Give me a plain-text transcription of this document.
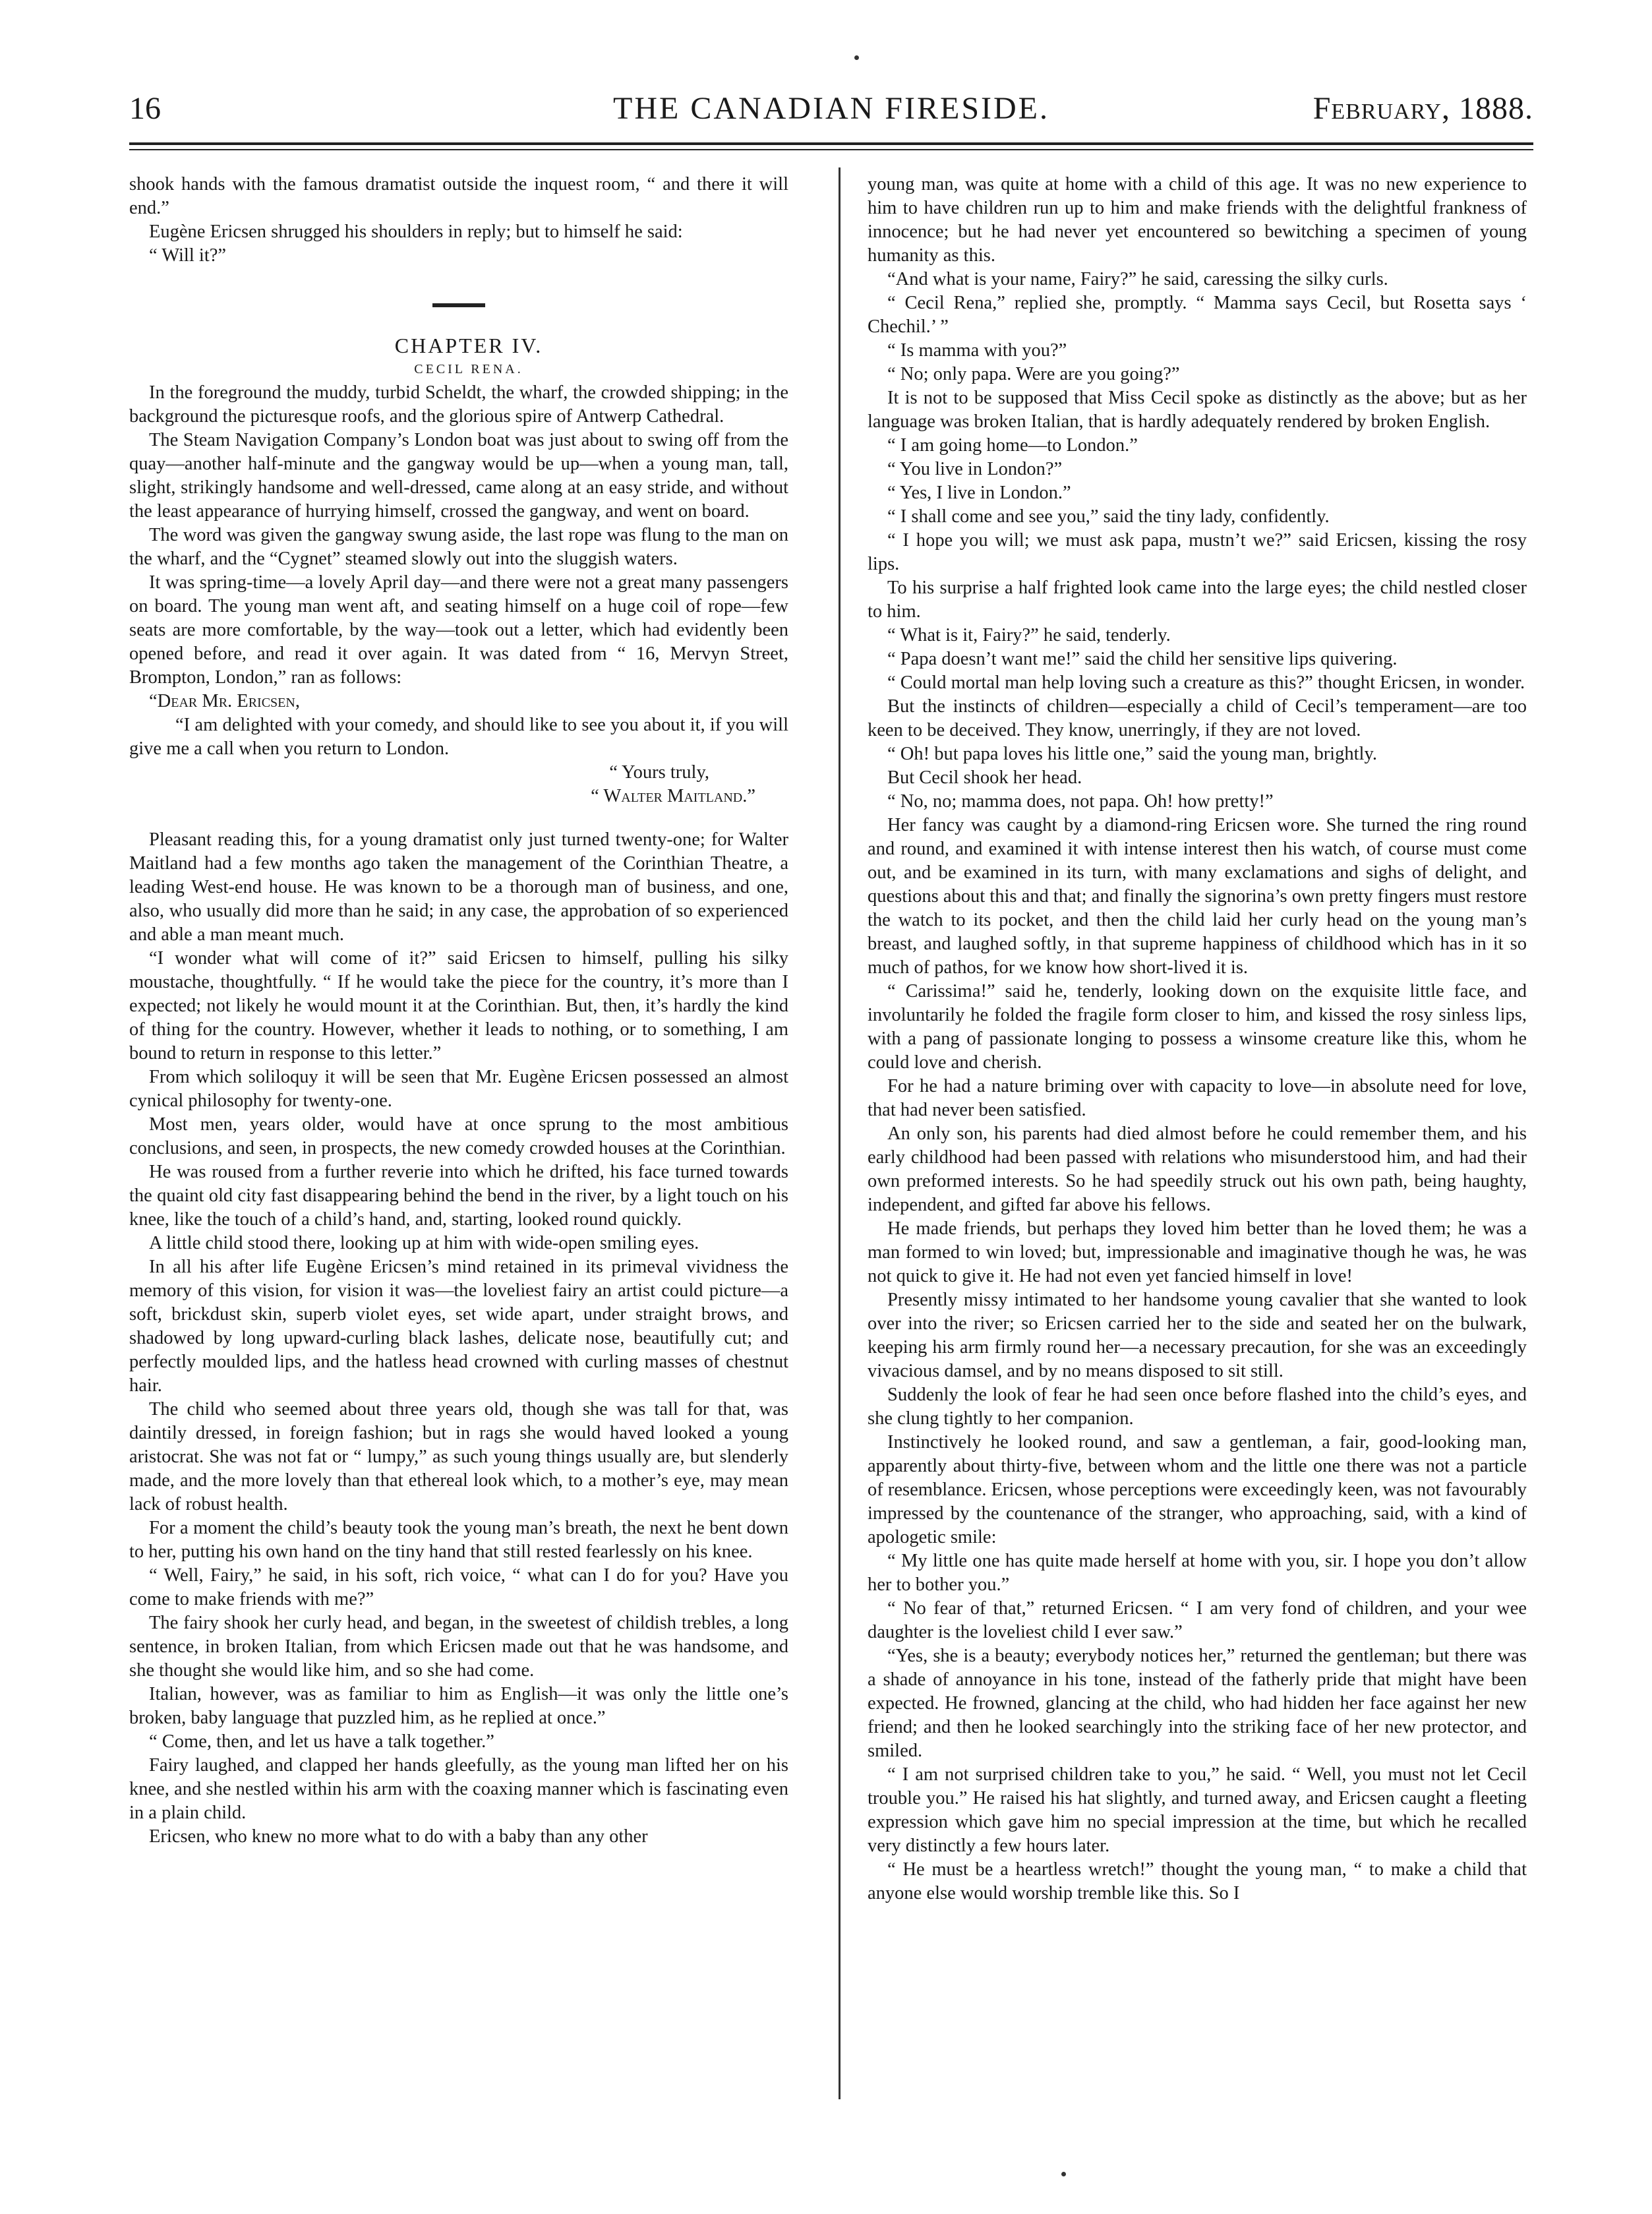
16	THE CANADIAN FIRESIDE.	February, 1888.

shook hands with the famous dramatist outside the inquest room, “ and there it will end.”

Eugène Ericsen shrugged his shoulders in reply; but to himself he said:

“ Will it?”

CHAPTER IV.

CECIL RENA.

In the foreground the muddy, turbid Scheldt, the wharf, the crowded shipping; in the background the picturesque roofs, and the glorious spire of Antwerp Cathedral.

The Steam Navigation Company’s London boat was just about to swing off from the quay—another half-minute and the gangway would be up—when a young man, tall, slight, strikingly handsome and well-dressed, came along at an easy stride, and without the least appearance of hurrying himself, crossed the gangway, and went on board.

The word was given the gangway swung aside, the last rope was flung to the man on the wharf, and the “Cygnet” steamed slowly out into the sluggish waters.

It was spring-time—a lovely April day—and there were not a great many passengers on board. The young man went aft, and seating himself on a huge coil of rope—few seats are more comfortable, by the way—took out a letter, which had evidently been opened before, and read it over again. It was dated from “ 16, Mervyn Street, Brompton, London,” ran as follows:

“Dear Mr. Ericsen,

“I am delighted with your comedy, and should like to see you about it, if you will give me a call when you return to London.

“ Yours truly,

“ Walter Maitland.”

Pleasant reading this, for a young dramatist only just turned twenty-one; for Walter Maitland had a few months ago taken the management of the Corinthian Theatre, a leading West-end house. He was known to be a thorough man of business, and one, also, who usually did more than he said; in any case, the approbation of so experienced and able a man meant much.

“I wonder what will come of it?” said Ericsen to himself, pulling his silky moustache, thoughtfully. “ If he would take the piece for the country, it’s more than I expected; not likely he would mount it at the Corinthian. But, then, it’s hardly the kind of thing for the country. However, whether it leads to nothing, or to something, I am bound to return in response to this letter.”

From which soliloquy it will be seen that Mr. Eugène Ericsen possessed an almost cynical philosophy for twenty-one.

Most men, years older, would have at once sprung to the most ambitious conclusions, and seen, in prospects, the new comedy crowded houses at the Corinthian.

He was roused from a further reverie into which he drifted, his face turned towards the quaint old city fast disappearing behind the bend in the river, by a light touch on his knee, like the touch of a child’s hand, and, starting, looked round quickly.

A little child stood there, looking up at him with wide-open smiling eyes.

In all his after life Eugène Ericsen’s mind retained in its primeval vividness the memory of this vision, for vision it was—the loveliest fairy an artist could picture—a soft, brickdust skin, superb violet eyes, set wide apart, under straight brows, and shadowed by long upward-curling black lashes, delicate nose, beautifully cut; and perfectly moulded lips, and the hatless head crowned with curling masses of chestnut hair.

The child who seemed about three years old, though she was tall for that, was daintily dressed, in foreign fashion; but in rags she would haved looked a young aristocrat. She was not fat or “ lumpy,” as such young things usually are, but slenderly made, and the more lovely than that ethereal look which, to a mother’s eye, may mean lack of robust health.

For a moment the child’s beauty took the young man’s breath, the next he bent down to her, putting his own hand on the tiny hand that still rested fearlessly on his knee.

“ Well, Fairy,” he said, in his soft, rich voice, “ what can I do for you? Have you come to make friends with me?”

The fairy shook her curly head, and began, in the sweetest of childish trebles, a long sentence, in broken Italian, from which Ericsen made out that he was handsome, and she thought she would like him, and so she had come.

Italian, however, was as familiar to him as English—it was only the little one’s broken, baby language that puzzled him, as he replied at once.”

“ Come, then, and let us have a talk together.”

Fairy laughed, and clapped her hands gleefully, as the young man lifted her on his knee, and she nestled within his arm with the coaxing manner which is fascinating even in a plain child.

Ericsen, who knew no more what to do with a baby than any other

young man, was quite at home with a child of this age. It was no new experience to him to have children run up to him and make friends with the delightful frankness of innocence; but he had never yet encountered so bewitching a specimen of young humanity as this.

“And what is your name, Fairy?” he said, caressing the silky curls.

“ Cecil Rena,” replied she, promptly. “ Mamma says Cecil, but Rosetta says ‘ Chechil.’ ”

“ Is mamma with you?”

“ No; only papa. Were are you going?”

It is not to be supposed that Miss Cecil spoke as distinctly as the above; but as her language was broken Italian, that is hardly adequately rendered by broken English.

“ I am going home—to London.”

“ You live in London?”

“ Yes, I live in London.”

“ I shall come and see you,” said the tiny lady, confidently.

“ I hope you will; we must ask papa, mustn’t we?” said Ericsen, kissing the rosy lips.

To his surprise a half frighted look came into the large eyes; the child nestled closer to him.

“ What is it, Fairy?” he said, tenderly.

“ Papa doesn’t want me!” said the child her sensitive lips quivering.

“ Could mortal man help loving such a creature as this?” thought Ericsen, in wonder.

But the instincts of children—especially a child of Cecil’s temperament—are too keen to be deceived. They know, unerringly, if they are not loved.

“ Oh! but papa loves his little one,” said the young man, brightly.

But Cecil shook her head.

“ No, no; mamma does, not papa. Oh! how pretty!”

Her fancy was caught by a diamond-ring Ericsen wore. She turned the ring round and round, and examined it with intense interest then his watch, of course must come out, and be examined in its turn, with many exclamations and sighs of delight, and questions about this and that; and finally the signorina’s own pretty fingers must restore the watch to its pocket, and then the child laid her curly head on the young man’s breast, and laughed softly, in that supreme happiness of childhood which has in it so much of pathos, for we know how short-lived it is.

“ Carissima!” said he, tenderly, looking down on the exquisite little face, and involuntarily he folded the fragile form closer to him, and kissed the rosy sinless lips, with a pang of passionate longing to possess a winsome creature like this, whom he could love and cherish.

For he had a nature briming over with capacity to love—in absolute need for love, that had never been satisfied.

An only son, his parents had died almost before he could remember them, and his early childhood had been passed with relations who misunderstood him, and had their own preformed interests. So he had speedily struck out his own path, being haughty, independent, and gifted far above his fellows.

He made friends, but perhaps they loved him better than he loved them; he was a man formed to win loved; but, impressionable and imaginative though he was, he was not quick to give it. He had not even yet fancied himself in love!

Presently missy intimated to her handsome young cavalier that she wanted to look over into the river; so Ericsen carried her to the side and seated her on the bulwark, keeping his arm firmly round her—a necessary precaution, for she was an exceedingly vivacious damsel, and by no means disposed to sit still.

Suddenly the look of fear he had seen once before flashed into the child’s eyes, and she clung tightly to her companion.

Instinctively he looked round, and saw a gentleman, a fair, good-looking man, apparently about thirty-five, between whom and the little one there was not a particle of resemblance. Ericsen, whose perceptions were exceedingly keen, was not favourably impressed by the countenance of the stranger, who approaching, said, with a kind of apologetic smile:

“ My little one has quite made herself at home with you, sir. I hope you don’t allow her to bother you.”

“ No fear of that,” returned Ericsen. “ I am very fond of children, and your wee daughter is the loveliest child I ever saw.”

“Yes, she is a beauty; everybody notices her,” returned the gentleman; but there was a shade of annoyance in his tone, instead of the fatherly pride that might have been expected. He frowned, glancing at the child, who had hidden her face against her new friend; and then he looked searchingly into the striking face of her new protector, and smiled.

“ I am not surprised children take to you,” he said. “ Well, you must not let Cecil trouble you.” He raised his hat slightly, and turned away, and Ericsen caught a fleeting expression which gave him no special impression at the time, but which he recalled very distinctly a few hours later.

“ He must be a heartless wretch!” thought the young man, “ to make a child that anyone else would worship tremble like this. So I
